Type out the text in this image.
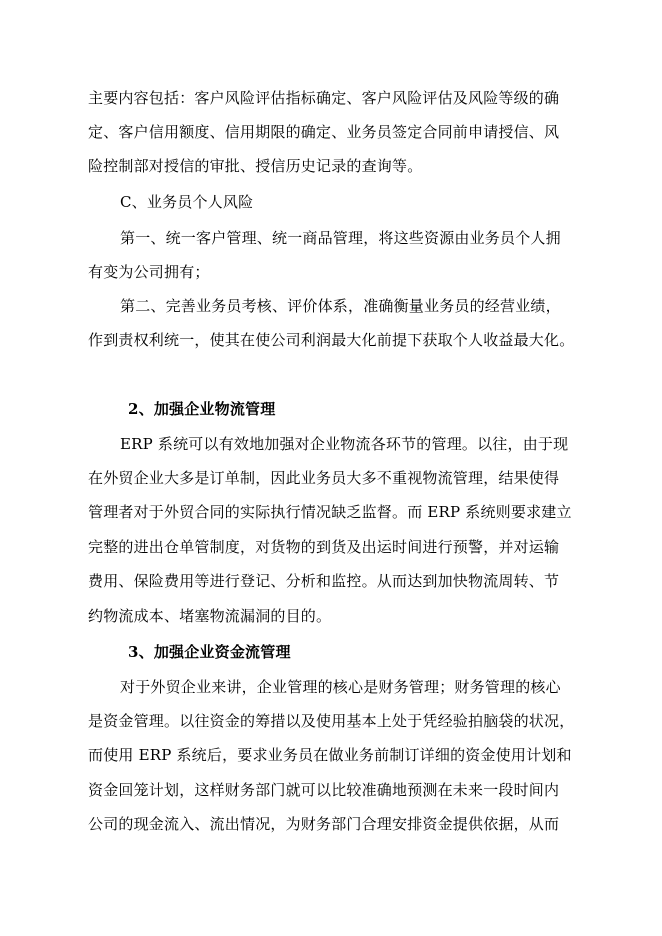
主要内容包括：客户风险评估指标确定、客户风险评估及风险等级的确
定、客户信用额度、信用期限的确定、业务员签定合同前申请授信、风
险控制部对授信的审批、授信历史记录的查询等。
C、业务员个人风险
第一、统一客户管理、统一商品管理，将这些资源由业务员个人拥
有变为公司拥有；
第二、完善业务员考核、评价体系，准确衡量业务员的经营业绩，
作到责权利统一，使其在使公司利润最大化前提下获取个人收益最大化。
2、加强企业物流管理
ERP 系统可以有效地加强对企业物流各环节的管理。以往，由于现
在外贸企业大多是订单制，因此业务员大多不重视物流管理，结果使得
管理者对于外贸合同的实际执行情况缺乏监督。而 ERP 系统则要求建立
完整的进出仓单管制度，对货物的到货及出运时间进行预警，并对运输
费用、保险费用等进行登记、分析和监控。从而达到加快物流周转、节
约物流成本、堵塞物流漏洞的目的。
3、加强企业资金流管理
对于外贸企业来讲，企业管理的核心是财务管理；财务管理的核心
是资金管理。以往资金的筹措以及使用基本上处于凭经验拍脑袋的状况，
而使用 ERP 系统后，要求业务员在做业务前制订详细的资金使用计划和
资金回笼计划，这样财务部门就可以比较准确地预测在未来一段时间内
公司的现金流入、流出情况，为财务部门合理安排资金提供依据，从而
